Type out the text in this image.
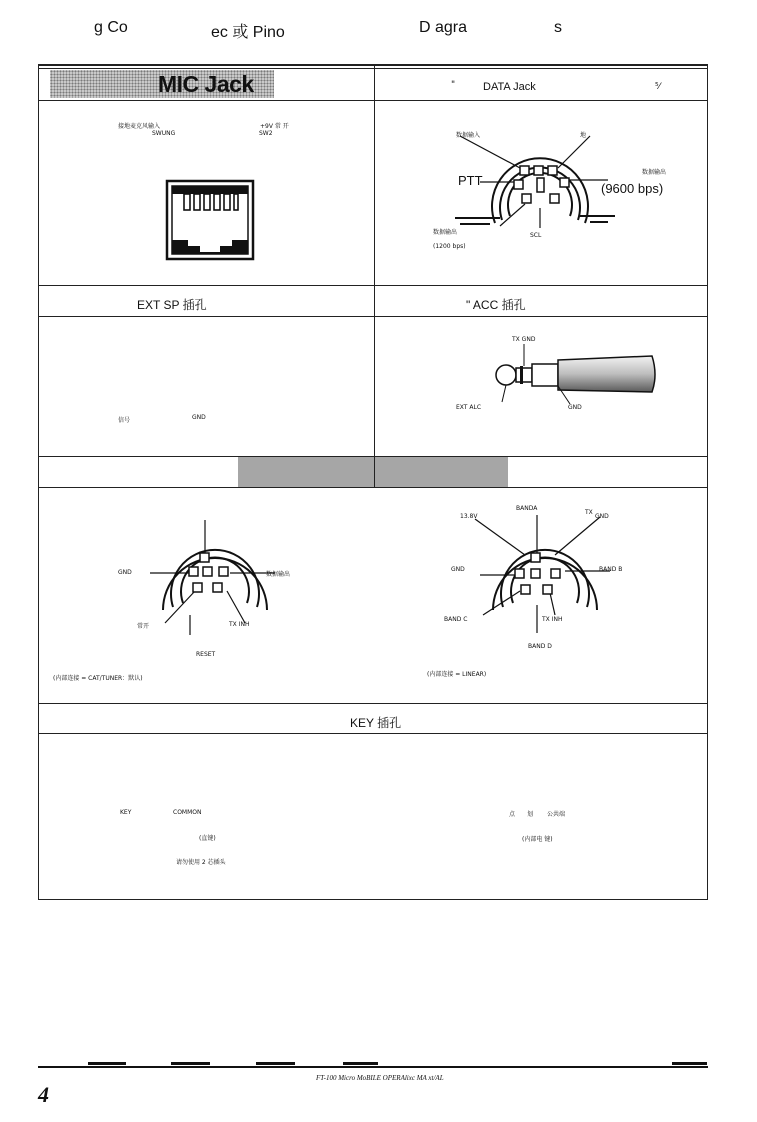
g Co	ec 或 Pino	D agra	s
MIC Jack
接地麦克风输入	+9V 常 开
SWUNG	SW2
"	DATA Jack	⁵⁄
数据输入	地
PTT
数据输出
(9600 bps)
数据输出
(1200 bps)
SCL
EXT SP 插孔
信号	GND
" ACC 插孔
TX GND
EXT ALC	GND
GND	数据输出
常开	TX INH
RESET
(内部连接 = CAT/TUNER：默认)
13.8V
BANDA
TX
GND
GND	BAND B
BAND C	TX INH
BAND D
(内部连接 = LINEAR)
KEY 插孔
KEY	COMMON
(直键)
请勿使用 2 芯插头
点 划 公共端
(内部电 键)
FT-100 Micro MoBILE OPERAlixc MA xt/AL
4
